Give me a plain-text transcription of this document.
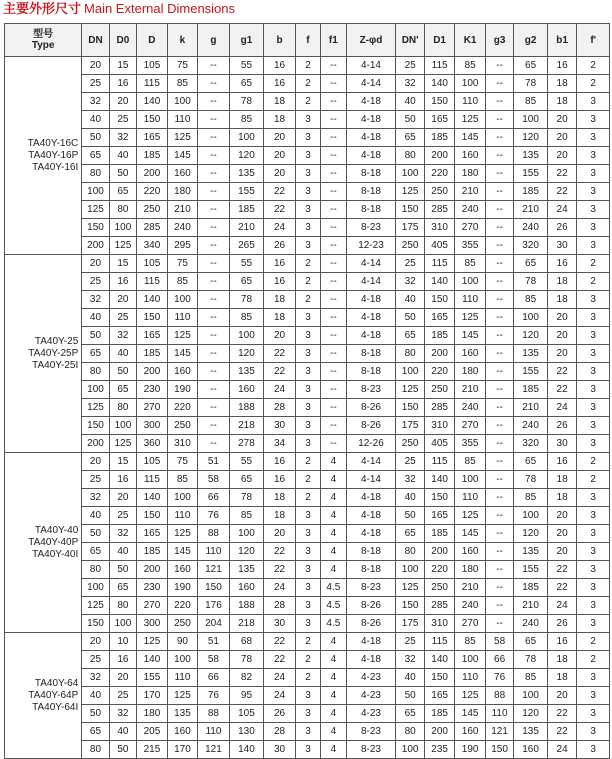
主要外形尺寸 Main External Dimensions
型号
Type	DN	D0	D	k	g	g1	b	f	f1	Z-φd	DN'	D1	K1	g3	g2	b1	f'
TA40Y-16C
TA40Y-16P
TA40Y-16I	20	15	105	75	--	55	16	2	--	4-14	25	115	85	--	65	16	2
	25	16	115	85	--	65	16	2	--	4-14	32	140	100	--	78	18	2
	32	20	140	100	--	78	18	2	--	4-18	40	150	110	--	85	18	3
	40	25	150	110	--	85	18	3	--	4-18	50	165	125	--	100	20	3
	50	32	165	125	--	100	20	3	--	4-18	65	185	145	--	120	20	3
	65	40	185	145	--	120	20	3	--	4-18	80	200	160	--	135	20	3
	80	50	200	160	--	135	20	3	--	8-18	100	220	180	--	155	22	3
	100	65	220	180	--	155	22	3	--	8-18	125	250	210	--	185	22	3
	125	80	250	210	--	185	22	3	--	8-18	150	285	240	--	210	24	3
	150	100	285	240	--	210	24	3	--	8-23	175	310	270	--	240	26	3
	200	125	340	295	--	265	26	3	--	12-23	250	405	355	--	320	30	3
TA40Y-25
TA40Y-25P
TA40Y-25I	20	15	105	75	--	55	16	2	--	4-14	25	115	85	--	65	16	2
	25	16	115	85	--	65	16	2	--	4-14	32	140	100	--	78	18	2
	32	20	140	100	--	78	18	2	--	4-18	40	150	110	--	85	18	3
	40	25	150	110	--	85	18	3	--	4-18	50	165	125	--	100	20	3
	50	32	165	125	--	100	20	3	--	4-18	65	185	145	--	120	20	3
	65	40	185	145	--	120	22	3	--	8-18	80	200	160	--	135	20	3
	80	50	200	160	--	135	22	3	--	8-18	100	220	180	--	155	22	3
	100	65	230	190	--	160	24	3	--	8-23	125	250	210	--	185	22	3
	125	80	270	220	--	188	28	3	--	8-26	150	285	240	--	210	24	3
	150	100	300	250	--	218	30	3	--	8-26	175	310	270	--	240	26	3
	200	125	360	310	--	278	34	3	--	12-26	250	405	355	--	320	30	3
TA40Y-40
TA40Y-40P
TA40Y-40I	20	15	105	75	51	55	16	2	4	4-14	25	115	85	--	65	16	2
	25	16	115	85	58	65	16	2	4	4-14	32	140	100	--	78	18	2
	32	20	140	100	66	78	18	2	4	4-18	40	150	110	--	85	18	3
	40	25	150	110	76	85	18	3	4	4-18	50	165	125	--	100	20	3
	50	32	165	125	88	100	20	3	4	4-18	65	185	145	--	120	20	3
	65	40	185	145	110	120	22	3	4	8-18	80	200	160	--	135	20	3
	80	50	200	160	121	135	22	3	4	8-18	100	220	180	--	155	22	3
	100	65	230	190	150	160	24	3	4.5	8-23	125	250	210	--	185	22	3
	125	80	270	220	176	188	28	3	4.5	8-26	150	285	240	--	210	24	3
	150	100	300	250	204	218	30	3	4.5	8-26	175	310	270	--	240	26	3
TA40Y-64
TA40Y-64P
TA40Y-64I	20	10	125	90	51	68	22	2	4	4-18	25	115	85	58	65	16	2
	25	16	140	100	58	78	22	2	4	4-18	32	140	100	66	78	18	2
	32	20	155	110	66	82	24	2	4	4-23	40	150	110	76	85	18	3
	40	25	170	125	76	95	24	3	4	4-23	50	165	125	88	100	20	3
	50	32	180	135	88	105	26	3	4	4-23	65	185	145	110	120	22	3
	65	40	205	160	110	130	28	3	4	8-23	80	200	160	121	135	22	3
	80	50	215	170	121	140	30	3	4	8-23	100	235	190	150	160	24	3
